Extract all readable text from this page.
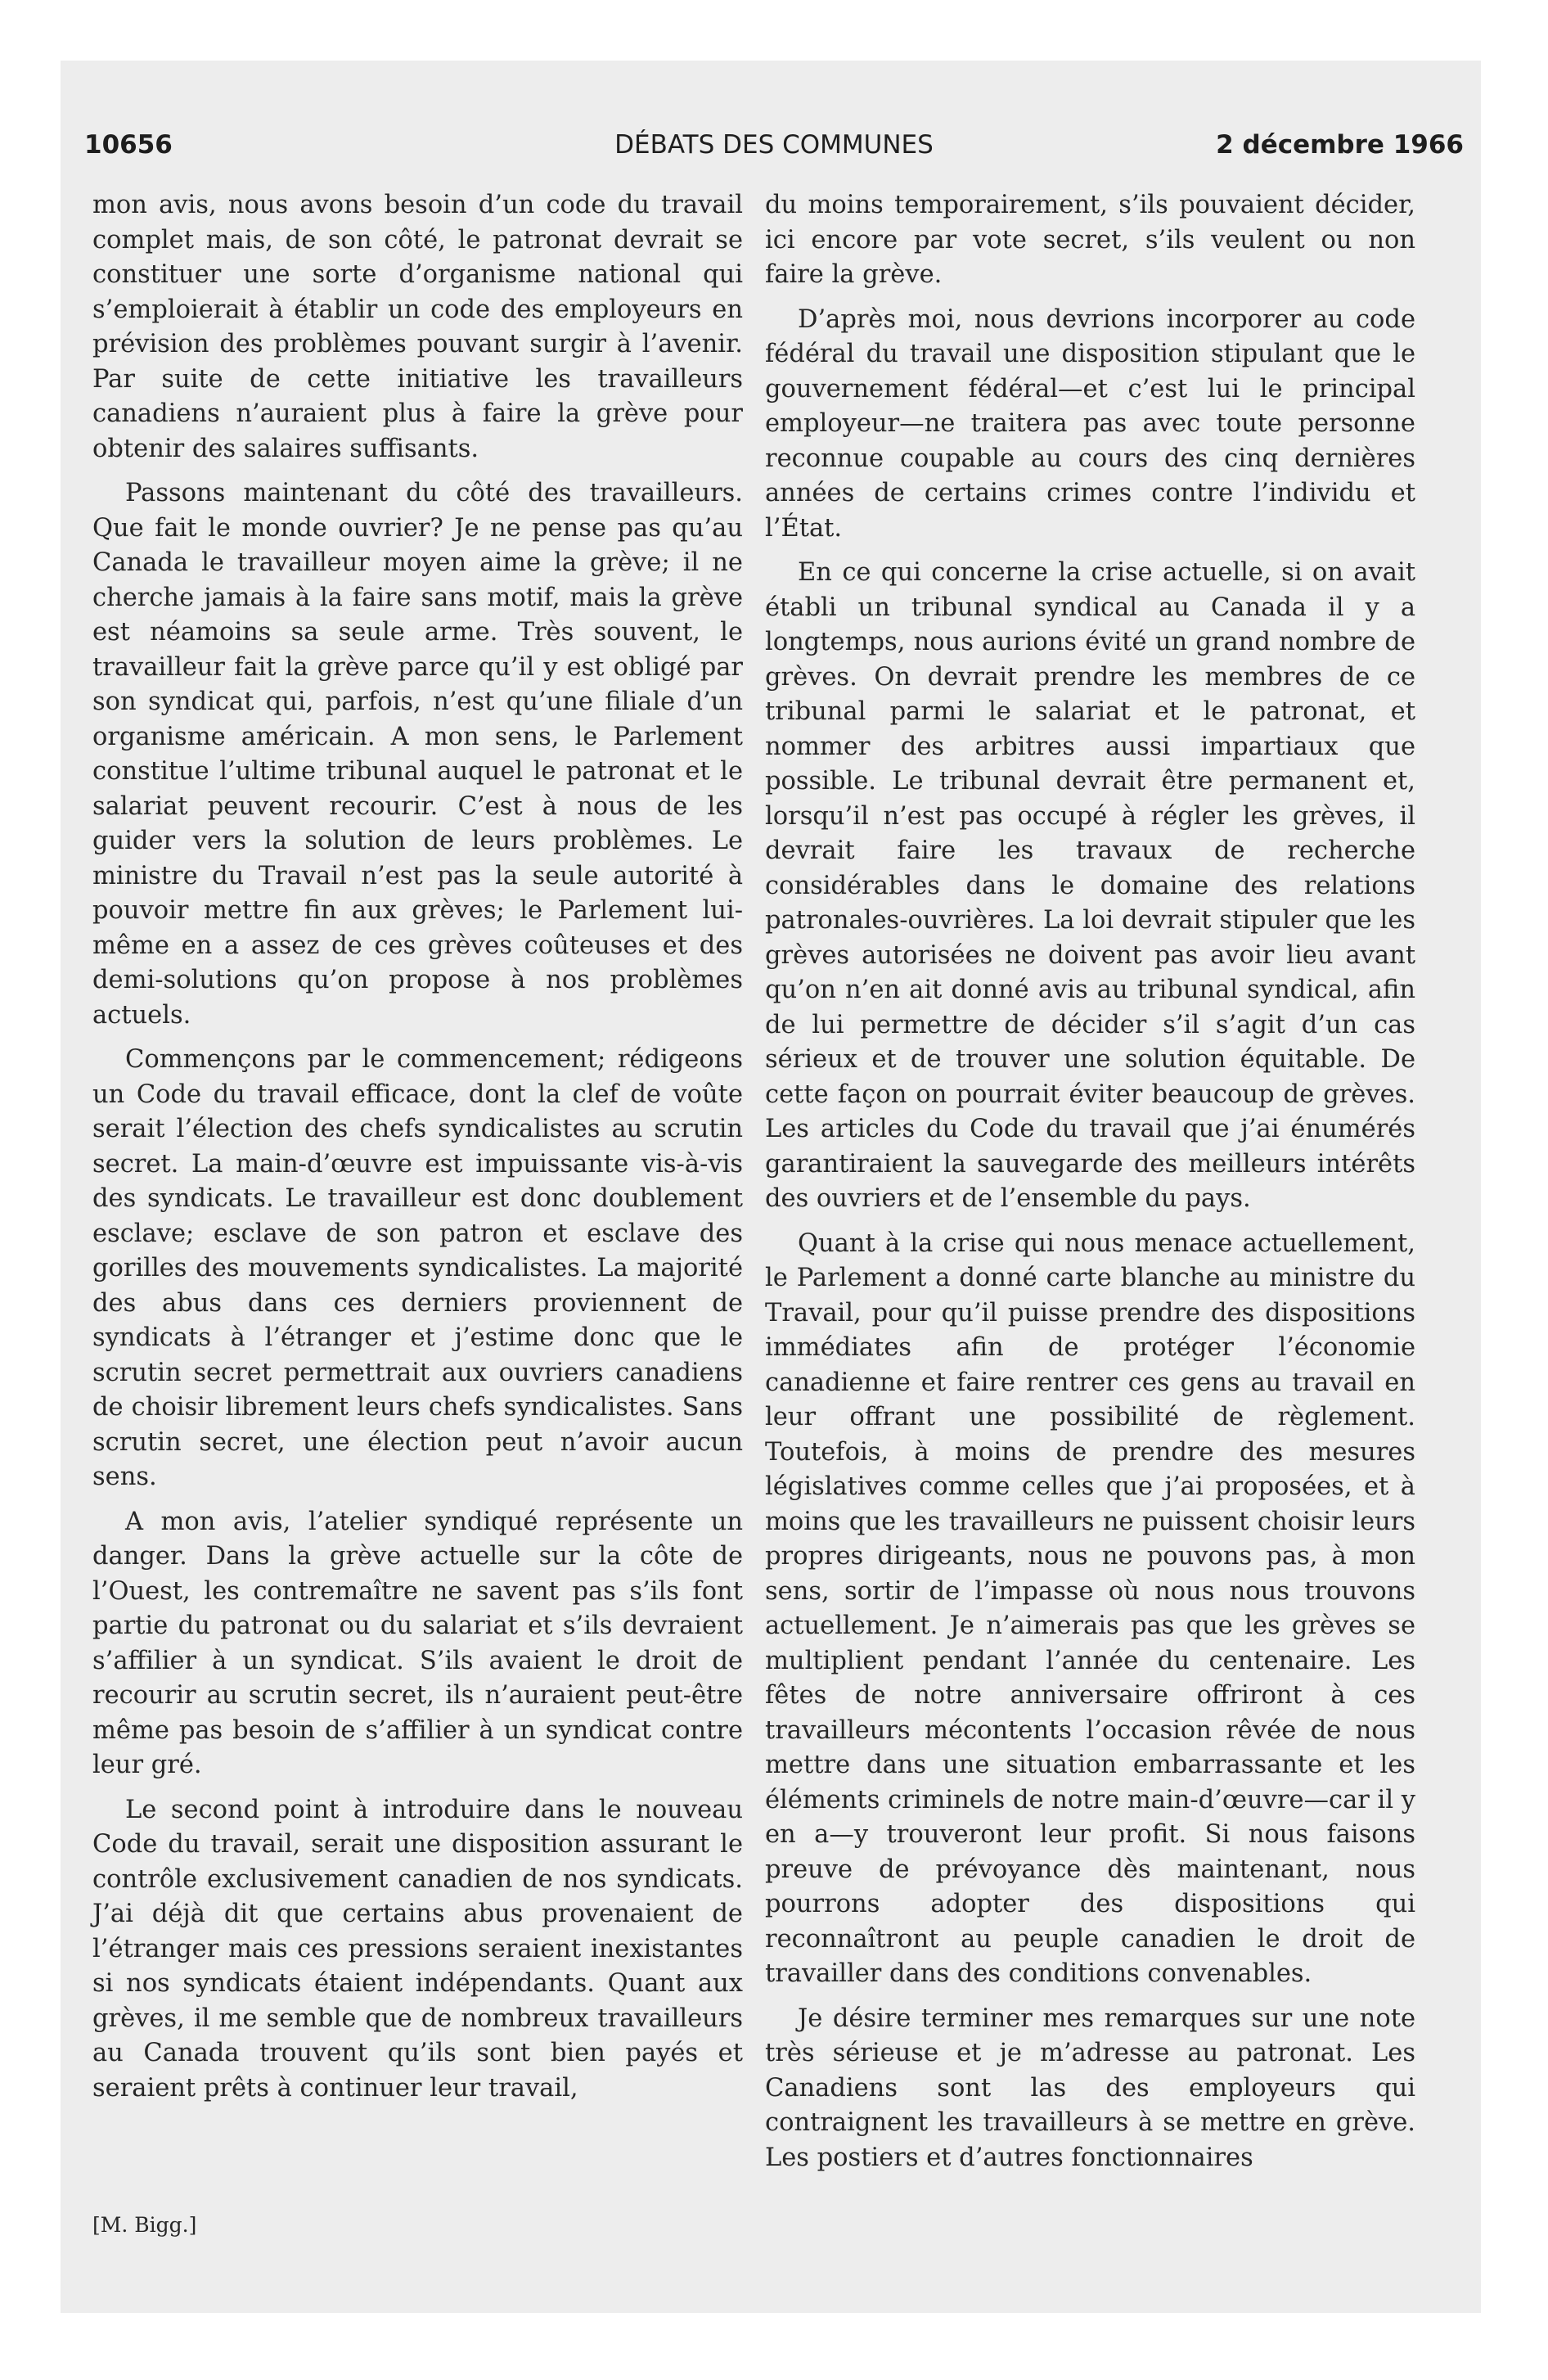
DÉBATS DES COMMUNES
10656	2 décembre 1966

mon avis, nous avons besoin d’un code du travail complet mais, de son côté, le patronat devrait se constituer une sorte d’organisme national qui s’emploierait à établir un code des employeurs en prévision des problèmes pouvant surgir à l’avenir. Par suite de cette initiative les travailleurs canadiens n’auraient plus à faire la grève pour obtenir des salaires suffisants.

Passons maintenant du côté des travailleurs. Que fait le monde ouvrier? Je ne pense pas qu’au Canada le travailleur moyen aime la grève; il ne cherche jamais à la faire sans motif, mais la grève est néamoins sa seule arme. Très souvent, le travailleur fait la grève parce qu’il y est obligé par son syndicat qui, parfois, n’est qu’une filiale d’un organisme américain. A mon sens, le Parlement constitue l’ultime tribunal auquel le patronat et le salariat peuvent recourir. C’est à nous de les guider vers la solution de leurs problèmes. Le ministre du Travail n’est pas la seule autorité à pouvoir mettre fin aux grèves; le Parlement lui-même en a assez de ces grèves coûteuses et des demi-solutions qu’on propose à nos problèmes actuels.

Commençons par le commencement; rédigeons un Code du travail efficace, dont la clef de voûte serait l’élection des chefs syndicalistes au scrutin secret. La main-d’œuvre est impuissante vis-à-vis des syndicats. Le travailleur est donc doublement esclave; esclave de son patron et esclave des gorilles des mouvements syndicalistes. La majorité des abus dans ces derniers proviennent de syndicats à l’étranger et j’estime donc que le scrutin secret permettrait aux ouvriers canadiens de choisir librement leurs chefs syndicalistes. Sans scrutin secret, une élection peut n’avoir aucun sens.

A mon avis, l’atelier syndiqué représente un danger. Dans la grève actuelle sur la côte de l’Ouest, les contremaître ne savent pas s’ils font partie du patronat ou du salariat et s’ils devraient s’affilier à un syndicat. S’ils avaient le droit de recourir au scrutin secret, ils n’auraient peut-être même pas besoin de s’affilier à un syndicat contre leur gré.

Le second point à introduire dans le nouveau Code du travail, serait une disposition assurant le contrôle exclusivement canadien de nos syndicats. J’ai déjà dit que certains abus provenaient de l’étranger mais ces pressions seraient inexistantes si nos syndicats étaient indépendants. Quant aux grèves, il me semble que de nombreux travailleurs au Canada trouvent qu’ils sont bien payés et seraient prêts à continuer leur travail,

du moins temporairement, s’ils pouvaient décider, ici encore par vote secret, s’ils veulent ou non faire la grève.

D’après moi, nous devrions incorporer au code fédéral du travail une disposition stipulant que le gouvernement fédéral—et c’est lui le principal employeur—ne traitera pas avec toute personne reconnue coupable au cours des cinq dernières années de certains crimes contre l’individu et l’État.

En ce qui concerne la crise actuelle, si on avait établi un tribunal syndical au Canada il y a longtemps, nous aurions évité un grand nombre de grèves. On devrait prendre les membres de ce tribunal parmi le salariat et le patronat, et nommer des arbitres aussi impartiaux que possible. Le tribunal devrait être permanent et, lorsqu’il n’est pas occupé à régler les grèves, il devrait faire les travaux de recherche considérables dans le domaine des relations patronales-ouvrières. La loi devrait stipuler que les grèves autorisées ne doivent pas avoir lieu avant qu’on n’en ait donné avis au tribunal syndical, afin de lui permettre de décider s’il s’agit d’un cas sérieux et de trouver une solution équitable. De cette façon on pourrait éviter beaucoup de grèves. Les articles du Code du travail que j’ai énumérés garantiraient la sauvegarde des meilleurs intérêts des ouvriers et de l’ensemble du pays.

Quant à la crise qui nous menace actuellement, le Parlement a donné carte blanche au ministre du Travail, pour qu’il puisse prendre des dispositions immédiates afin de protéger l’économie canadienne et faire rentrer ces gens au travail en leur offrant une possibilité de règlement. Toutefois, à moins de prendre des mesures législatives comme celles que j’ai proposées, et à moins que les travailleurs ne puissent choisir leurs propres dirigeants, nous ne pouvons pas, à mon sens, sortir de l’impasse où nous nous trouvons actuellement. Je n’aimerais pas que les grèves se multiplient pendant l’année du centenaire. Les fêtes de notre anniversaire offriront à ces travailleurs mécontents l’occasion rêvée de nous mettre dans une situation embarrassante et les éléments criminels de notre main-d’œuvre—car il y en a—y trouveront leur profit. Si nous faisons preuve de prévoyance dès maintenant, nous pourrons adopter des dispositions qui reconnaîtront au peuple canadien le droit de travailler dans des conditions convenables.

Je désire terminer mes remarques sur une note très sérieuse et je m’adresse au patronat. Les Canadiens sont las des employeurs qui contraignent les travailleurs à se mettre en grève. Les postiers et d’autres fonctionnaires

[M. Bigg.]
